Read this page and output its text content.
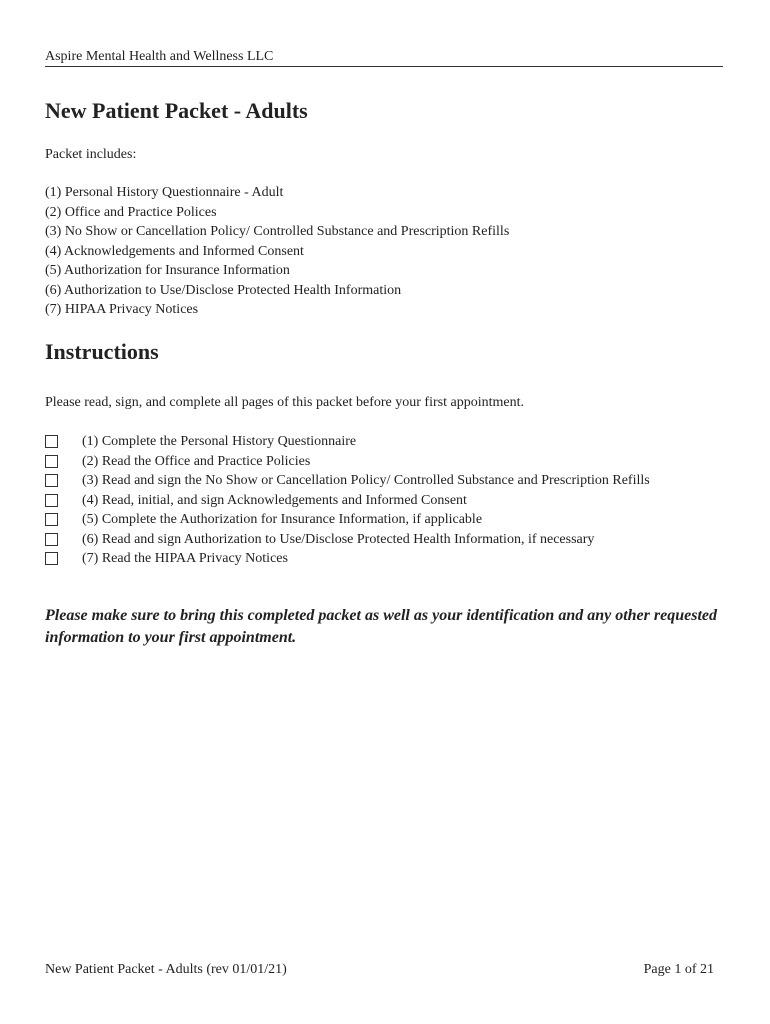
Aspire Mental Health and Wellness LLC
New Patient Packet - Adults
Packet includes:
(1) Personal History Questionnaire - Adult
(2) Office and Practice Polices
(3) No Show or Cancellation Policy/ Controlled Substance and Prescription Refills
(4) Acknowledgements and Informed Consent
(5) Authorization for Insurance Information
(6) Authorization to Use/Disclose Protected Health Information
(7) HIPAA Privacy Notices
Instructions
Please read, sign, and complete all pages of this packet before your first appointment.
(1) Complete the Personal History Questionnaire
(2) Read the Office and Practice Policies
(3) Read and sign the No Show or Cancellation Policy/ Controlled Substance and Prescription Refills
(4) Read, initial, and sign Acknowledgements and Informed Consent
(5) Complete the Authorization for Insurance Information, if applicable
(6) Read and sign Authorization to Use/Disclose Protected Health Information, if necessary
(7) Read the HIPAA Privacy Notices
Please make sure to bring this completed packet as well as your identification and any other requested information to your first appointment.
New Patient Packet - Adults (rev 01/01/21)	Page 1 of 21
